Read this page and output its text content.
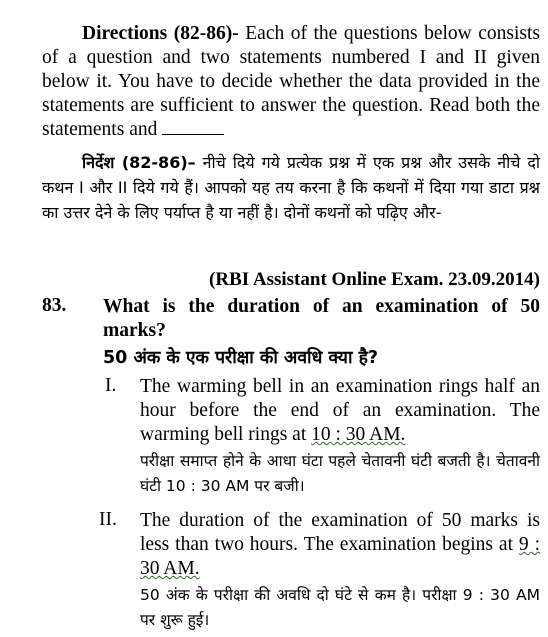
Directions (82-86)- Each of the questions below consists of a question and two statements numbered I and II given below it. You have to decide whether the data provided in the statements are sufficient to answer the question. Read both the statements and

निर्देश (82-86)– नीचे दिये गये प्रत्येक प्रश्न में एक प्रश्न और उसके नीचे दो कथन I और II दिये गये हैं। आपको यह तय करना है कि कथनों में दिया गया डाटा प्रश्न का उत्तर देने के लिए पर्याप्त है या नहीं है। दोनों कथनों को पढ़िए और-

(RBI Assistant Online Exam. 23.09.2014)
83. What is the duration of an examination of 50 marks?

50 अंक के एक परीक्षा की अवधि क्या है?
I. The warming bell in an examination rings half an hour before the end of an examination. The warming bell rings at 10 : 30 AM.

परीक्षा समाप्त होने के आधा घंटा पहले चेतावनी घंटी बजती है। चेतावनी घंटी 10 : 30 AM पर बजी।

II. The duration of the examination of 50 marks is less than two hours. The examination begins at 9 : 30 AM.

50 अंक के परीक्षा की अवधि दो घंटे से कम है। परीक्षा 9 : 30 AM पर शुरू हुई।
